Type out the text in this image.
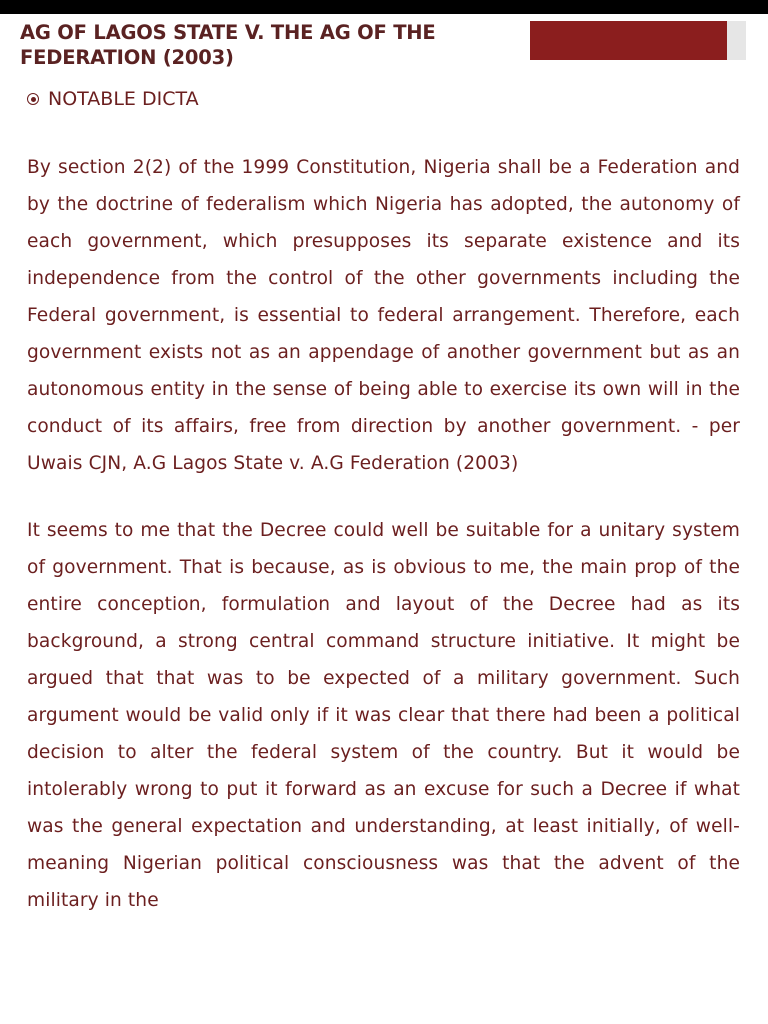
AG OF LAGOS STATE V. THE AG OF THE FEDERATION (2003)
NOTABLE DICTA

By section 2(2) of the 1999 Constitution, Nigeria shall be a Federation and by the doctrine of federalism which Nigeria has adopted, the autonomy of each government, which presupposes its separate existence and its independence from the control of the other governments including the Federal government, is essential to federal arrangement. Therefore, each government exists not as an appendage of another government but as an autonomous entity in the sense of being able to exercise its own will in the conduct of its affairs, free from direction by another government. - per Uwais CJN, A.G Lagos State v. A.G Federation (2003)

It seems to me that the Decree could well be suitable for a unitary system of government. That is because, as is obvious to me, the main prop of the entire conception, formulation and layout of the Decree had as its background, a strong central command structure initiative. It might be argued that that was to be expected of a military government. Such argument would be valid only if it was clear that there had been a political decision to alter the federal system of the country. But it would be intolerably wrong to put it forward as an excuse for such a Decree if what was the general expectation and understanding, at least initially, of well-meaning Nigerian political consciousness was that the advent of the military in the
